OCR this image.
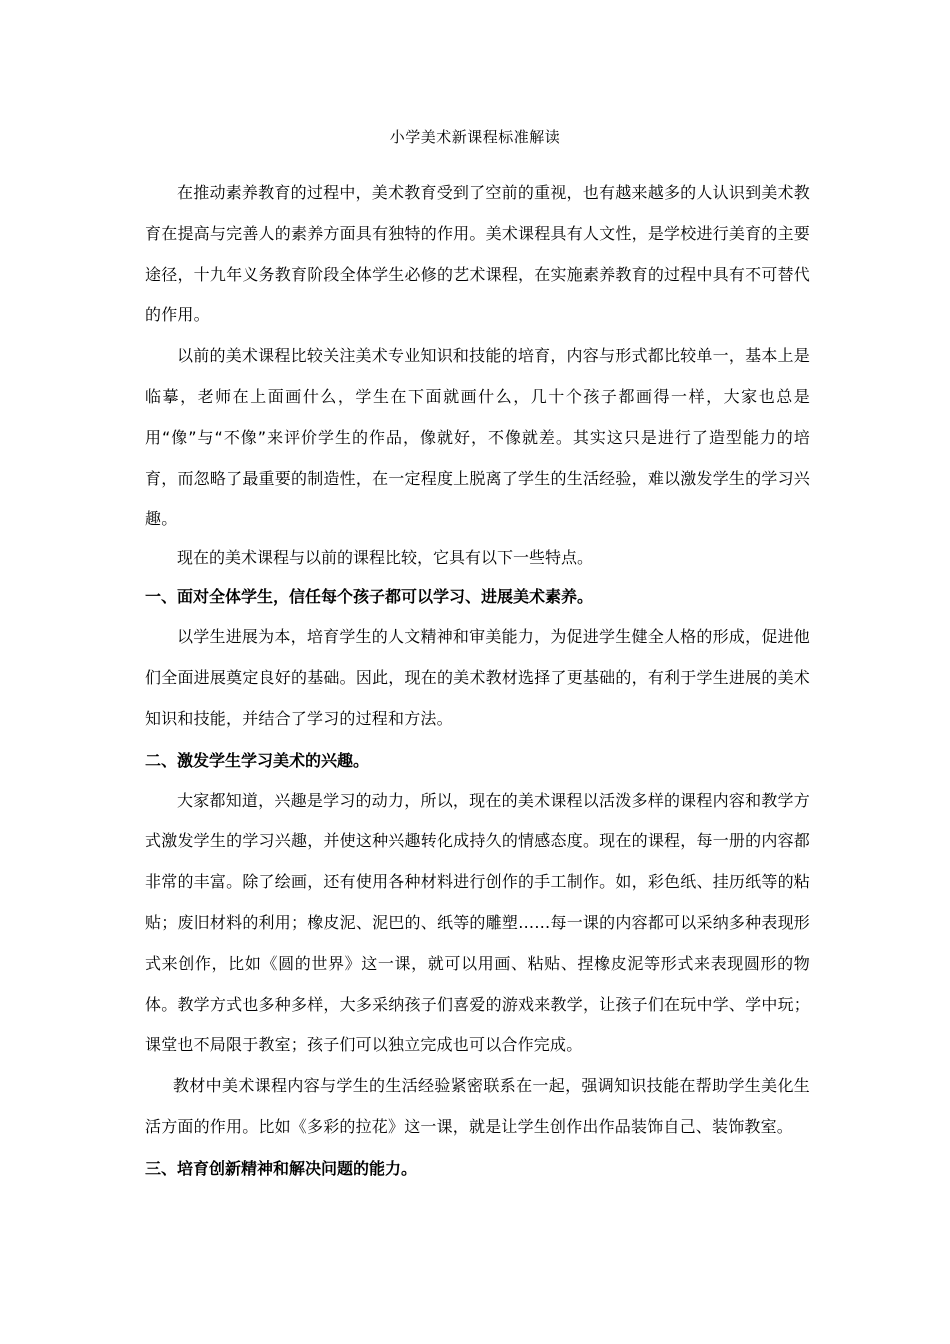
小学美术新课程标准解读

在推动素养教育的过程中，美术教育受到了空前的重视，也有越来越多的人认识到美术教育在提高与完善人的素养方面具有独特的作用。美术课程具有人文性，是学校进行美育的主要途径，十九年义务教育阶段全体学生必修的艺术课程，在实施素养教育的过程中具有不可替代的作用。

以前的美术课程比较关注美术专业知识和技能的培育，内容与形式都比较单一，基本上是临摹，老师在上面画什么，学生在下面就画什么，几十个孩子都画得一样，大家也总是用“像”与“不像”来评价学生的作品，像就好，不像就差。其实这只是进行了造型能力的培育，而忽略了最重要的制造性，在一定程度上脱离了学生的生活经验，难以激发学生的学习兴趣。

现在的美术课程与以前的课程比较，它具有以下一些特点。

一、面对全体学生，信任每个孩子都可以学习、进展美术素养。

以学生进展为本，培育学生的人文精神和审美能力，为促进学生健全人格的形成，促进他们全面进展奠定良好的基础。因此，现在的美术教材选择了更基础的，有利于学生进展的美术知识和技能，并结合了学习的过程和方法。

二、激发学生学习美术的兴趣。

大家都知道，兴趣是学习的动力，所以，现在的美术课程以活泼多样的课程内容和教学方式激发学生的学习兴趣，并使这种兴趣转化成持久的情感态度。现在的课程，每一册的内容都非常的丰富。除了绘画，还有使用各种材料进行创作的手工制作。如，彩色纸、挂历纸等的粘贴；废旧材料的利用；橡皮泥、泥巴的、纸等的雕塑……每一课的内容都可以采纳多种表现形式来创作，比如《圆的世界》这一课，就可以用画、粘贴、捏橡皮泥等形式来表现圆形的物体。教学方式也多种多样，大多采纳孩子们喜爱的游戏来教学，让孩子们在玩中学、学中玩；课堂也不局限于教室；孩子们可以独立完成也可以合作完成。

教材中美术课程内容与学生的生活经验紧密联系在一起，强调知识技能在帮助学生美化生活方面的作用。比如《多彩的拉花》这一课，就是让学生创作出作品装饰自己、装饰教室。

三、培育创新精神和解决问题的能力。
